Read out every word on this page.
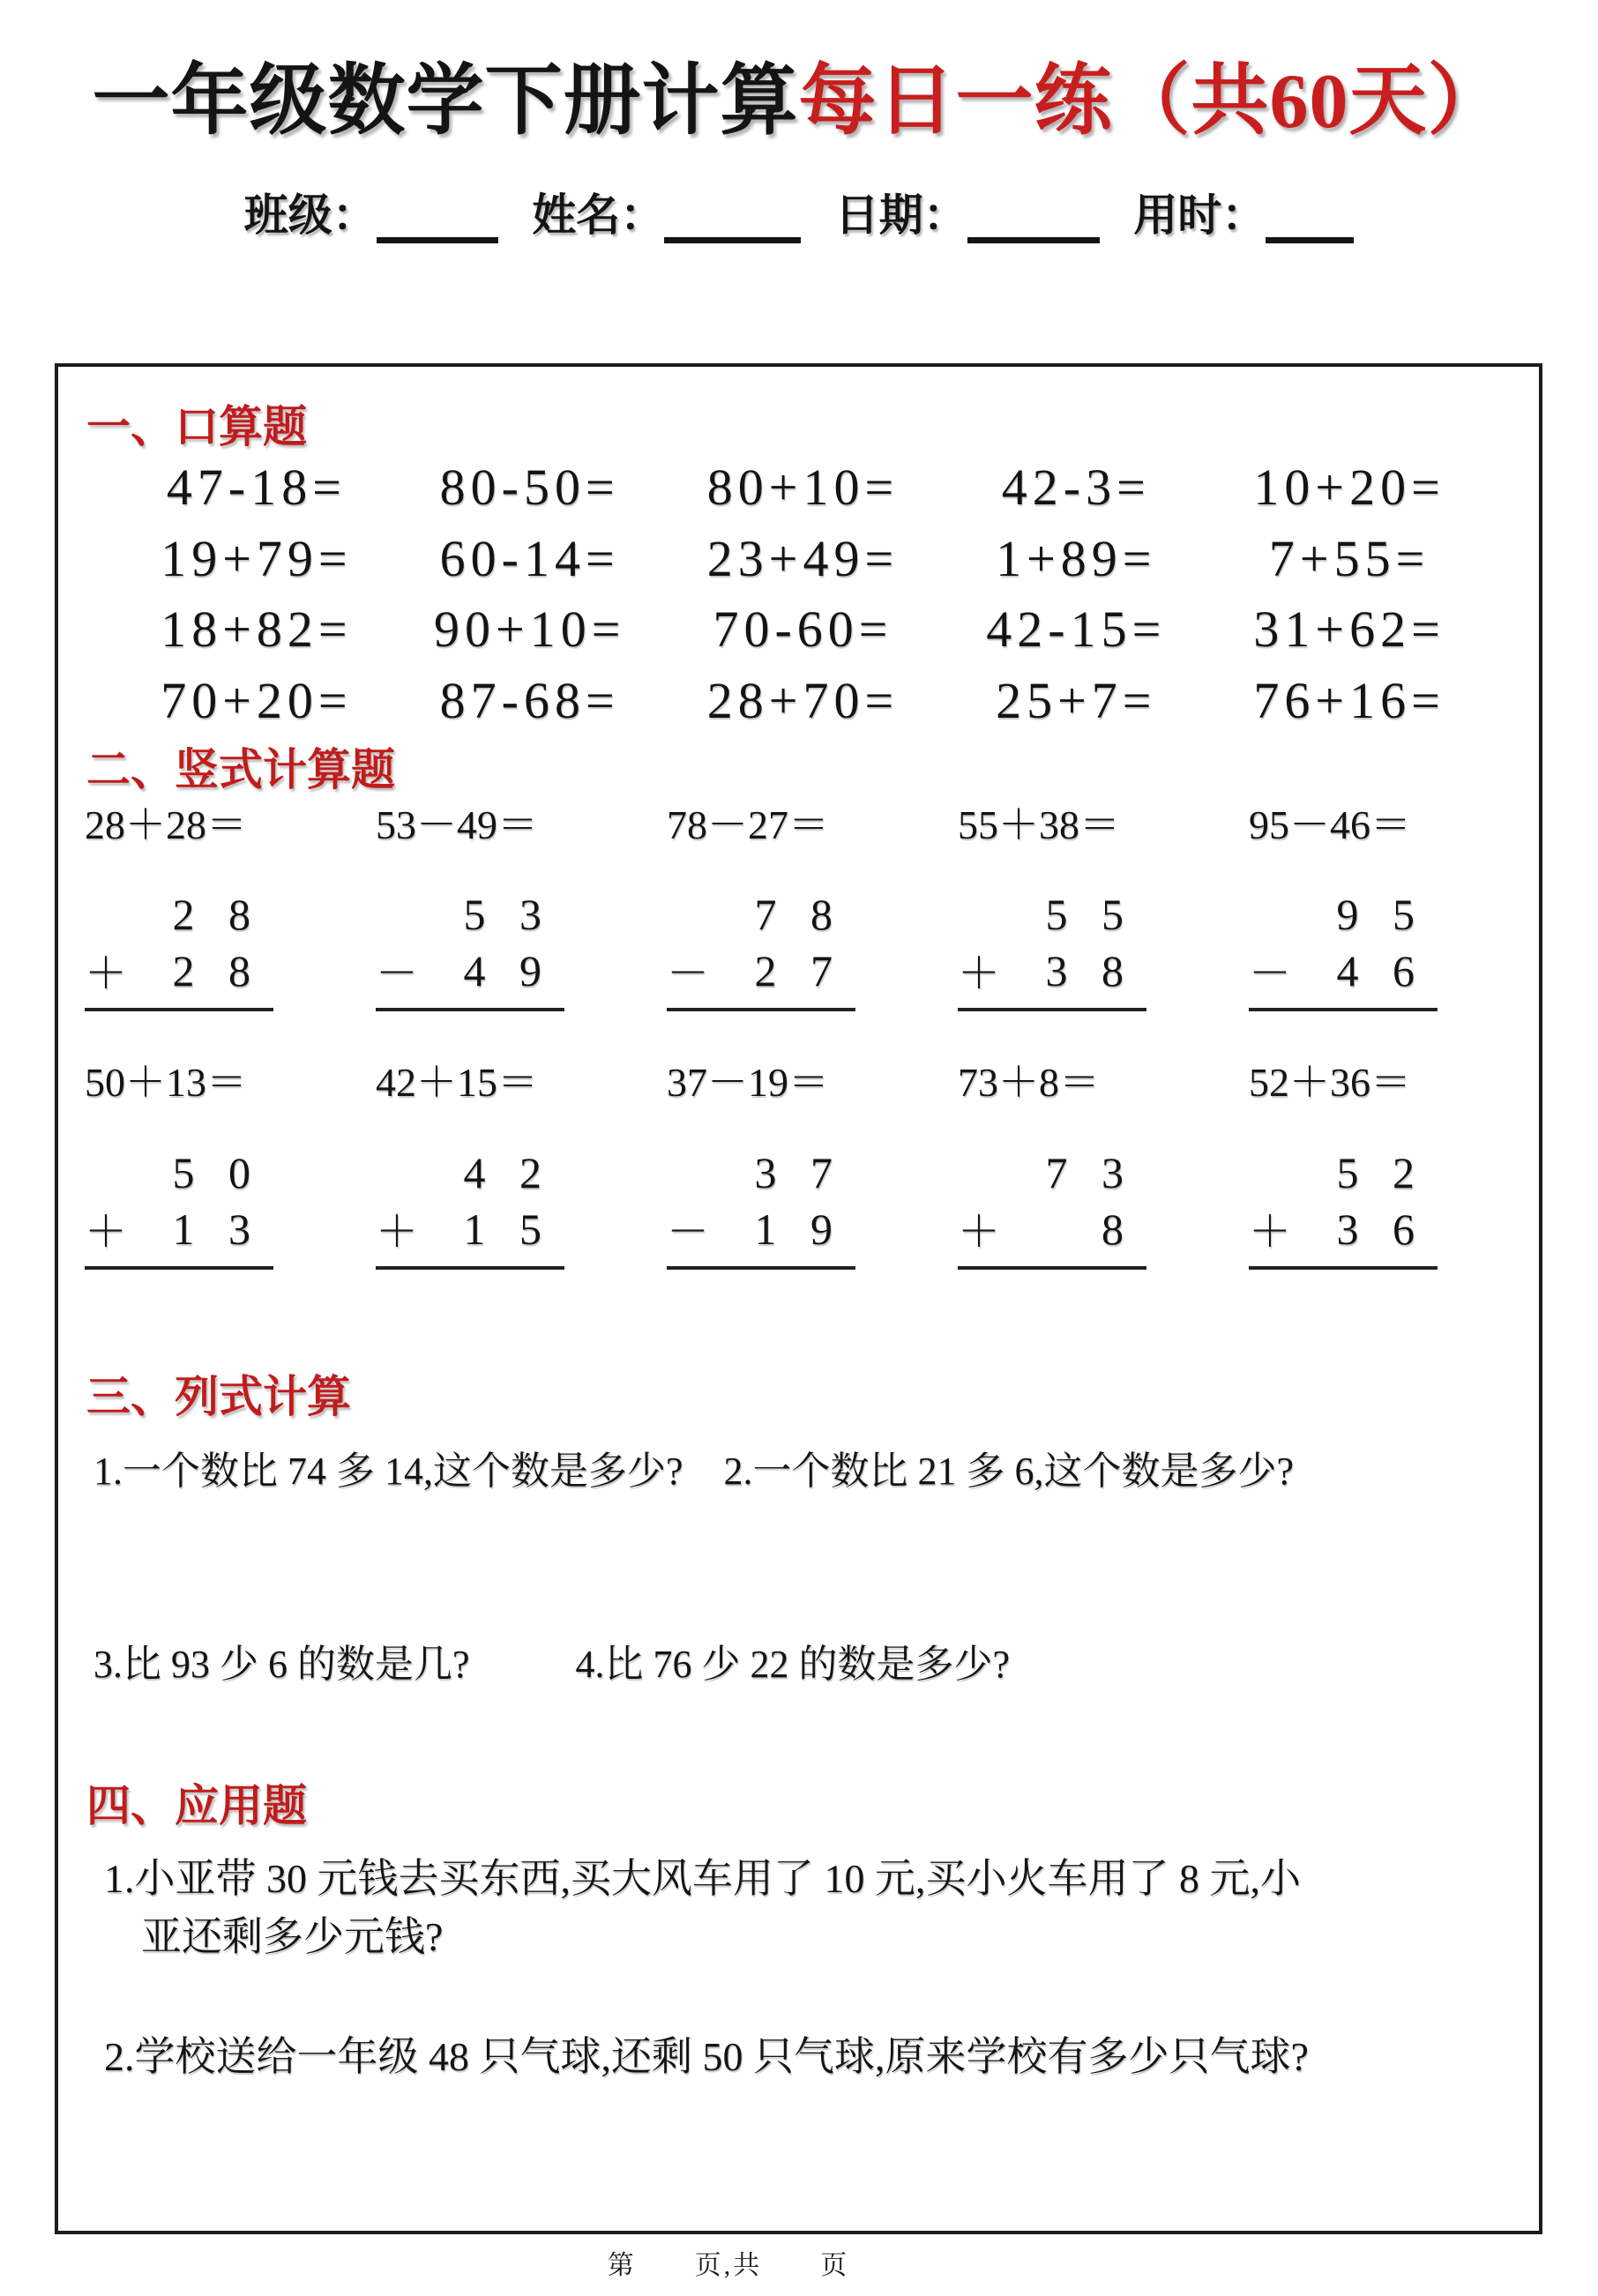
一年级数学下册计算每日一练（共60天）
班级：	姓名：	日期：	用时：
一、口算题
47-18= 80-50= 80+10= 42-3= 10+20=
19+79= 60-14= 23+49= 1+89= 7+55=
18+82= 90+10= 70-60= 42-15= 31+62=
70+20= 87-68= 28+70= 25+7= 76+16=
二、竖式计算题
28＋28＝
2 8
＋ 2 8
53－49＝
5 3
－ 4 9
78－27＝
7 8
－ 2 7
55＋38＝
5 5
＋ 3 8
95－46＝
9 5
－ 4 6
50＋13＝
5 0
＋ 1 3
42＋15＝
4 2
＋ 1 5
37－19＝
3 7
－ 1 9
73＋8＝
7 3
＋ 8
52＋36＝
5 2
＋ 3 6
三、列式计算
1.一个数比 74 多 14,这个数是多少? 2.一个数比 21 多 6,这个数是多少?
3.比 93 少 6 的数是几?	4.比 76 少 22 的数是多少?
四、应用题
1.小亚带 30 元钱去买东西,买大风车用了 10 元,买小火车用了 8 元,小
亚还剩多少元钱?
2.学校送给一年级 48 只气球,还剩 50 只气球,原来学校有多少只气球?
第　　页,共　　页
